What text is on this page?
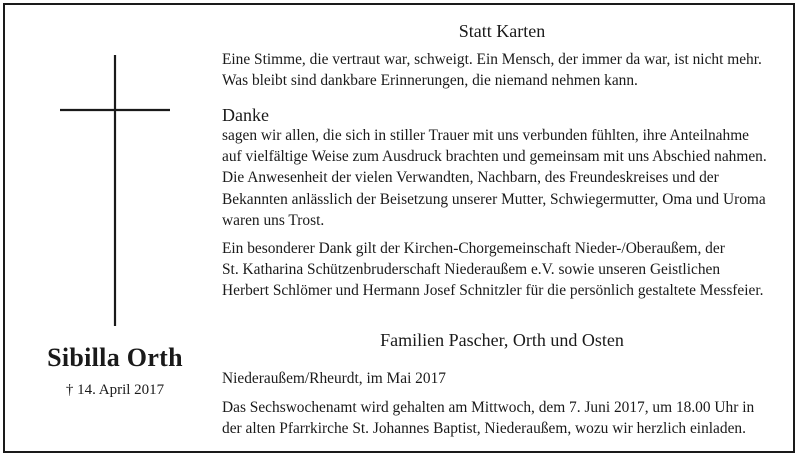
Sibilla Orth
† 14. April 2017
Statt Karten
Eine Stimme, die vertraut war, schweigt. Ein Mensch, der immer da war, ist nicht mehr.
Was bleibt sind dankbare Erinnerungen, die niemand nehmen kann.
Danke
sagen wir allen, die sich in stiller Trauer mit uns verbunden fühlten, ihre Anteilnahme
auf vielfältige Weise zum Ausdruck brachten und gemeinsam mit uns Abschied nahmen.
Die Anwesenheit der vielen Verwandten, Nachbarn, des Freundeskreises und der
Bekannten anlässlich der Beisetzung unserer Mutter, Schwiegermutter, Oma und Uroma
waren uns Trost.
Ein besonderer Dank gilt der Kirchen-Chorgemeinschaft Nieder-/Oberaußem, der
St. Katharina Schützenbruderschaft Niederaußem e.V. sowie unseren Geistlichen
Herbert Schlömer und Hermann Josef Schnitzler für die persönlich gestaltete Messfeier.
Familien Pascher, Orth und Osten
Niederaußem/Rheurdt, im Mai 2017
Das Sechswochenamt wird gehalten am Mittwoch, dem 7. Juni 2017, um 18.00 Uhr in
der alten Pfarrkirche St. Johannes Baptist, Niederaußem, wozu wir herzlich einladen.
